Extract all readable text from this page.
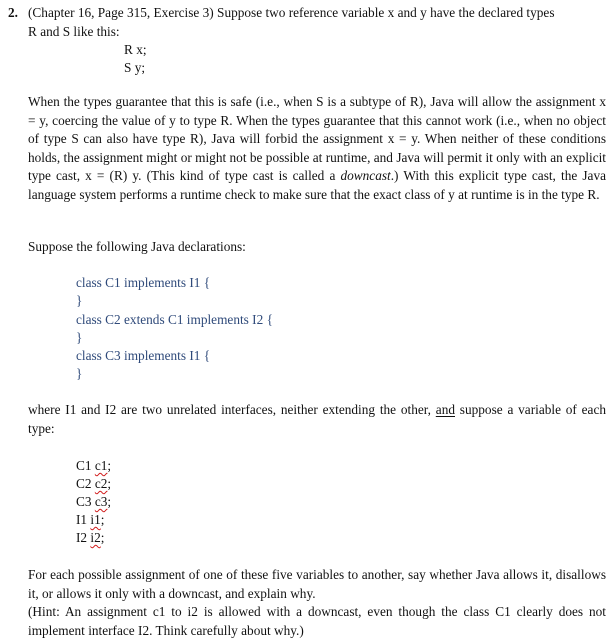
2. (Chapter 16, Page 315, Exercise 3) Suppose two reference variable x and y have the declared types
R and S like this:
R x;
S y;
When the types guarantee that this is safe (i.e., when S is a subtype of R), Java will allow the assignment x = y, coercing the value of y to type R. When the types guarantee that this cannot work (i.e., when no object of type S can also have type R), Java will forbid the assignment x = y. When neither of these conditions holds, the assignment might or might not be possible at runtime, and Java will permit it only with an explicit type cast, x = (R) y. (This kind of type cast is called a downcast.) With this explicit type cast, the Java language system performs a runtime check to make sure that the exact class of y at runtime is in the type R.
Suppose the following Java declarations:
class C1 implements I1 {
}
class C2 extends C1 implements I2 {
}
class C3 implements I1 {
}
where I1 and I2 are two unrelated interfaces, neither extending the other, and suppose a variable of each type:
C1 c1;
C2 c2;
C3 c3;
I1 i1;
I2 i2;
For each possible assignment of one of these five variables to another, say whether Java allows it, disallows it, or allows it only with a downcast, and explain why.
(Hint: An assignment c1 to i2 is allowed with a downcast, even though the class C1 clearly does not implement interface I2. Think carefully about why.)
